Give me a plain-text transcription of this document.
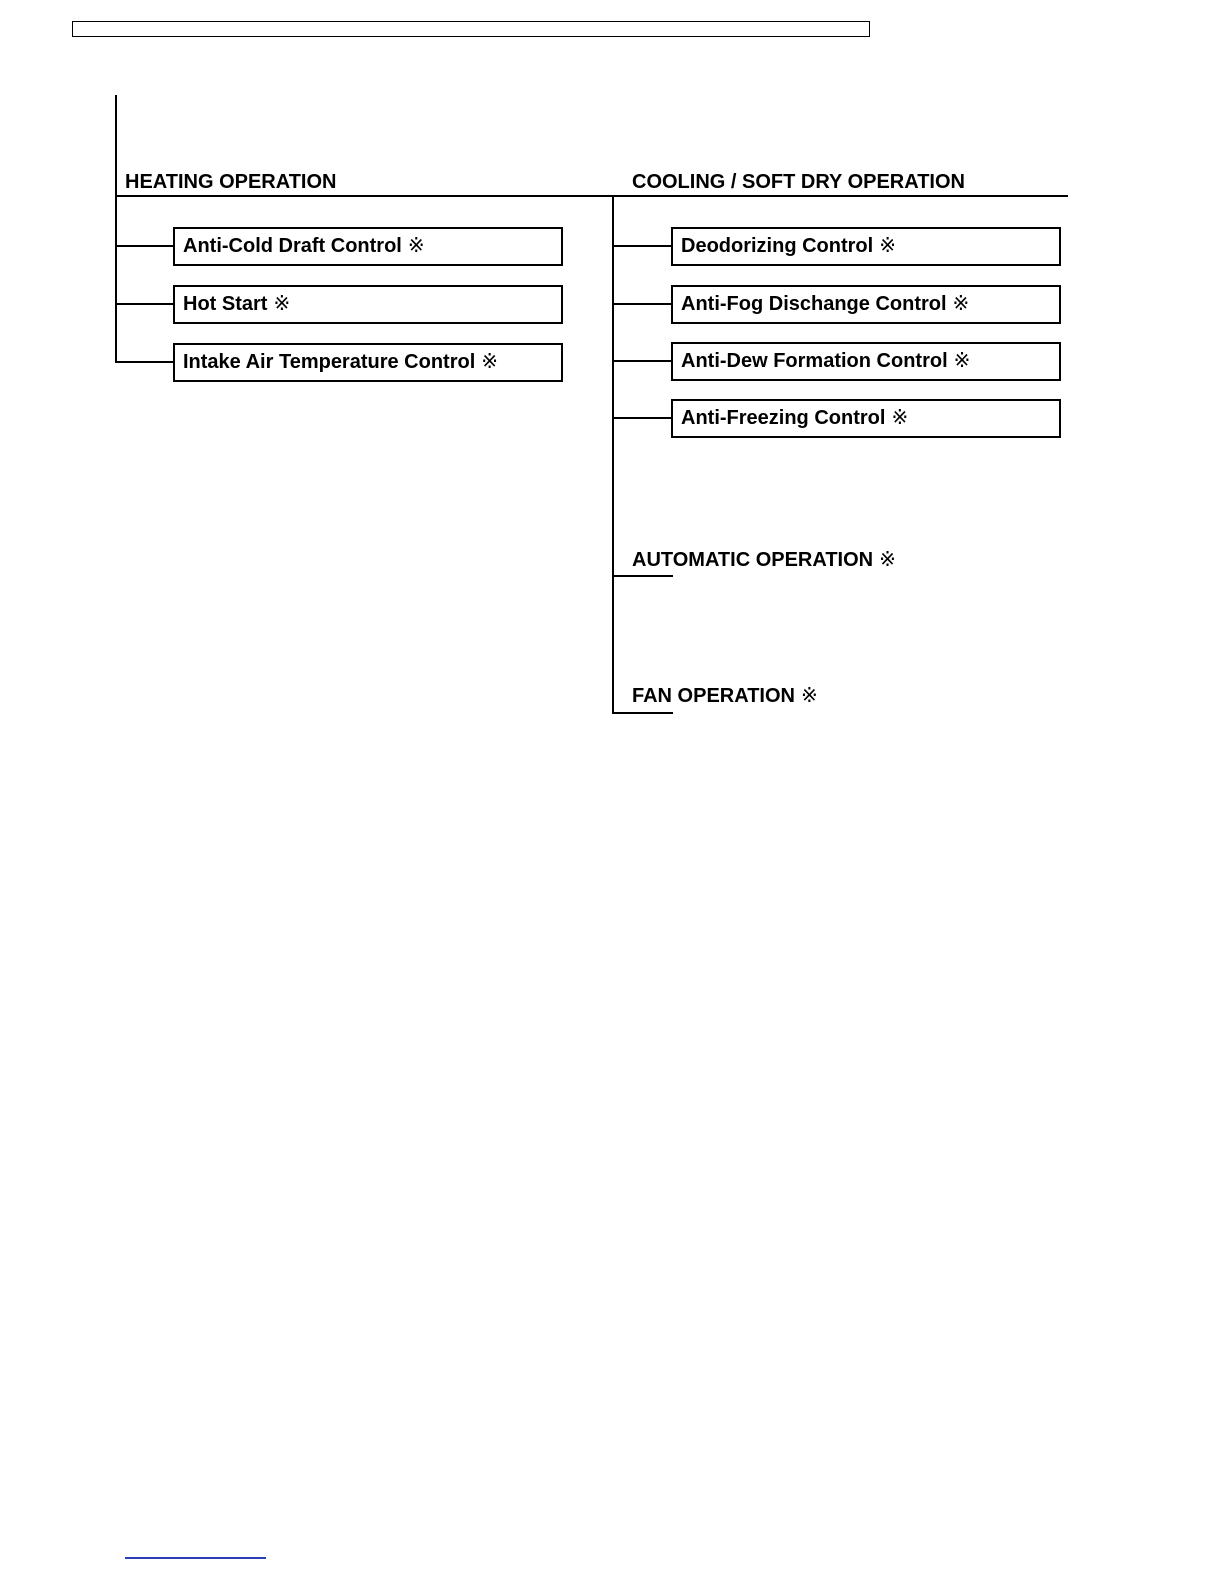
HEATING OPERATION	COOLING / SOFT DRY OPERATION
Anti-Cold Draft Control ※
Hot Start ※
Intake Air Temperature Control ※
Deodorizing Control ※
Anti-Fog Dischange Control ※
Anti-Dew Formation Control ※
Anti-Freezing Control ※
AUTOMATIC OPERATION ※
FAN OPERATION ※
